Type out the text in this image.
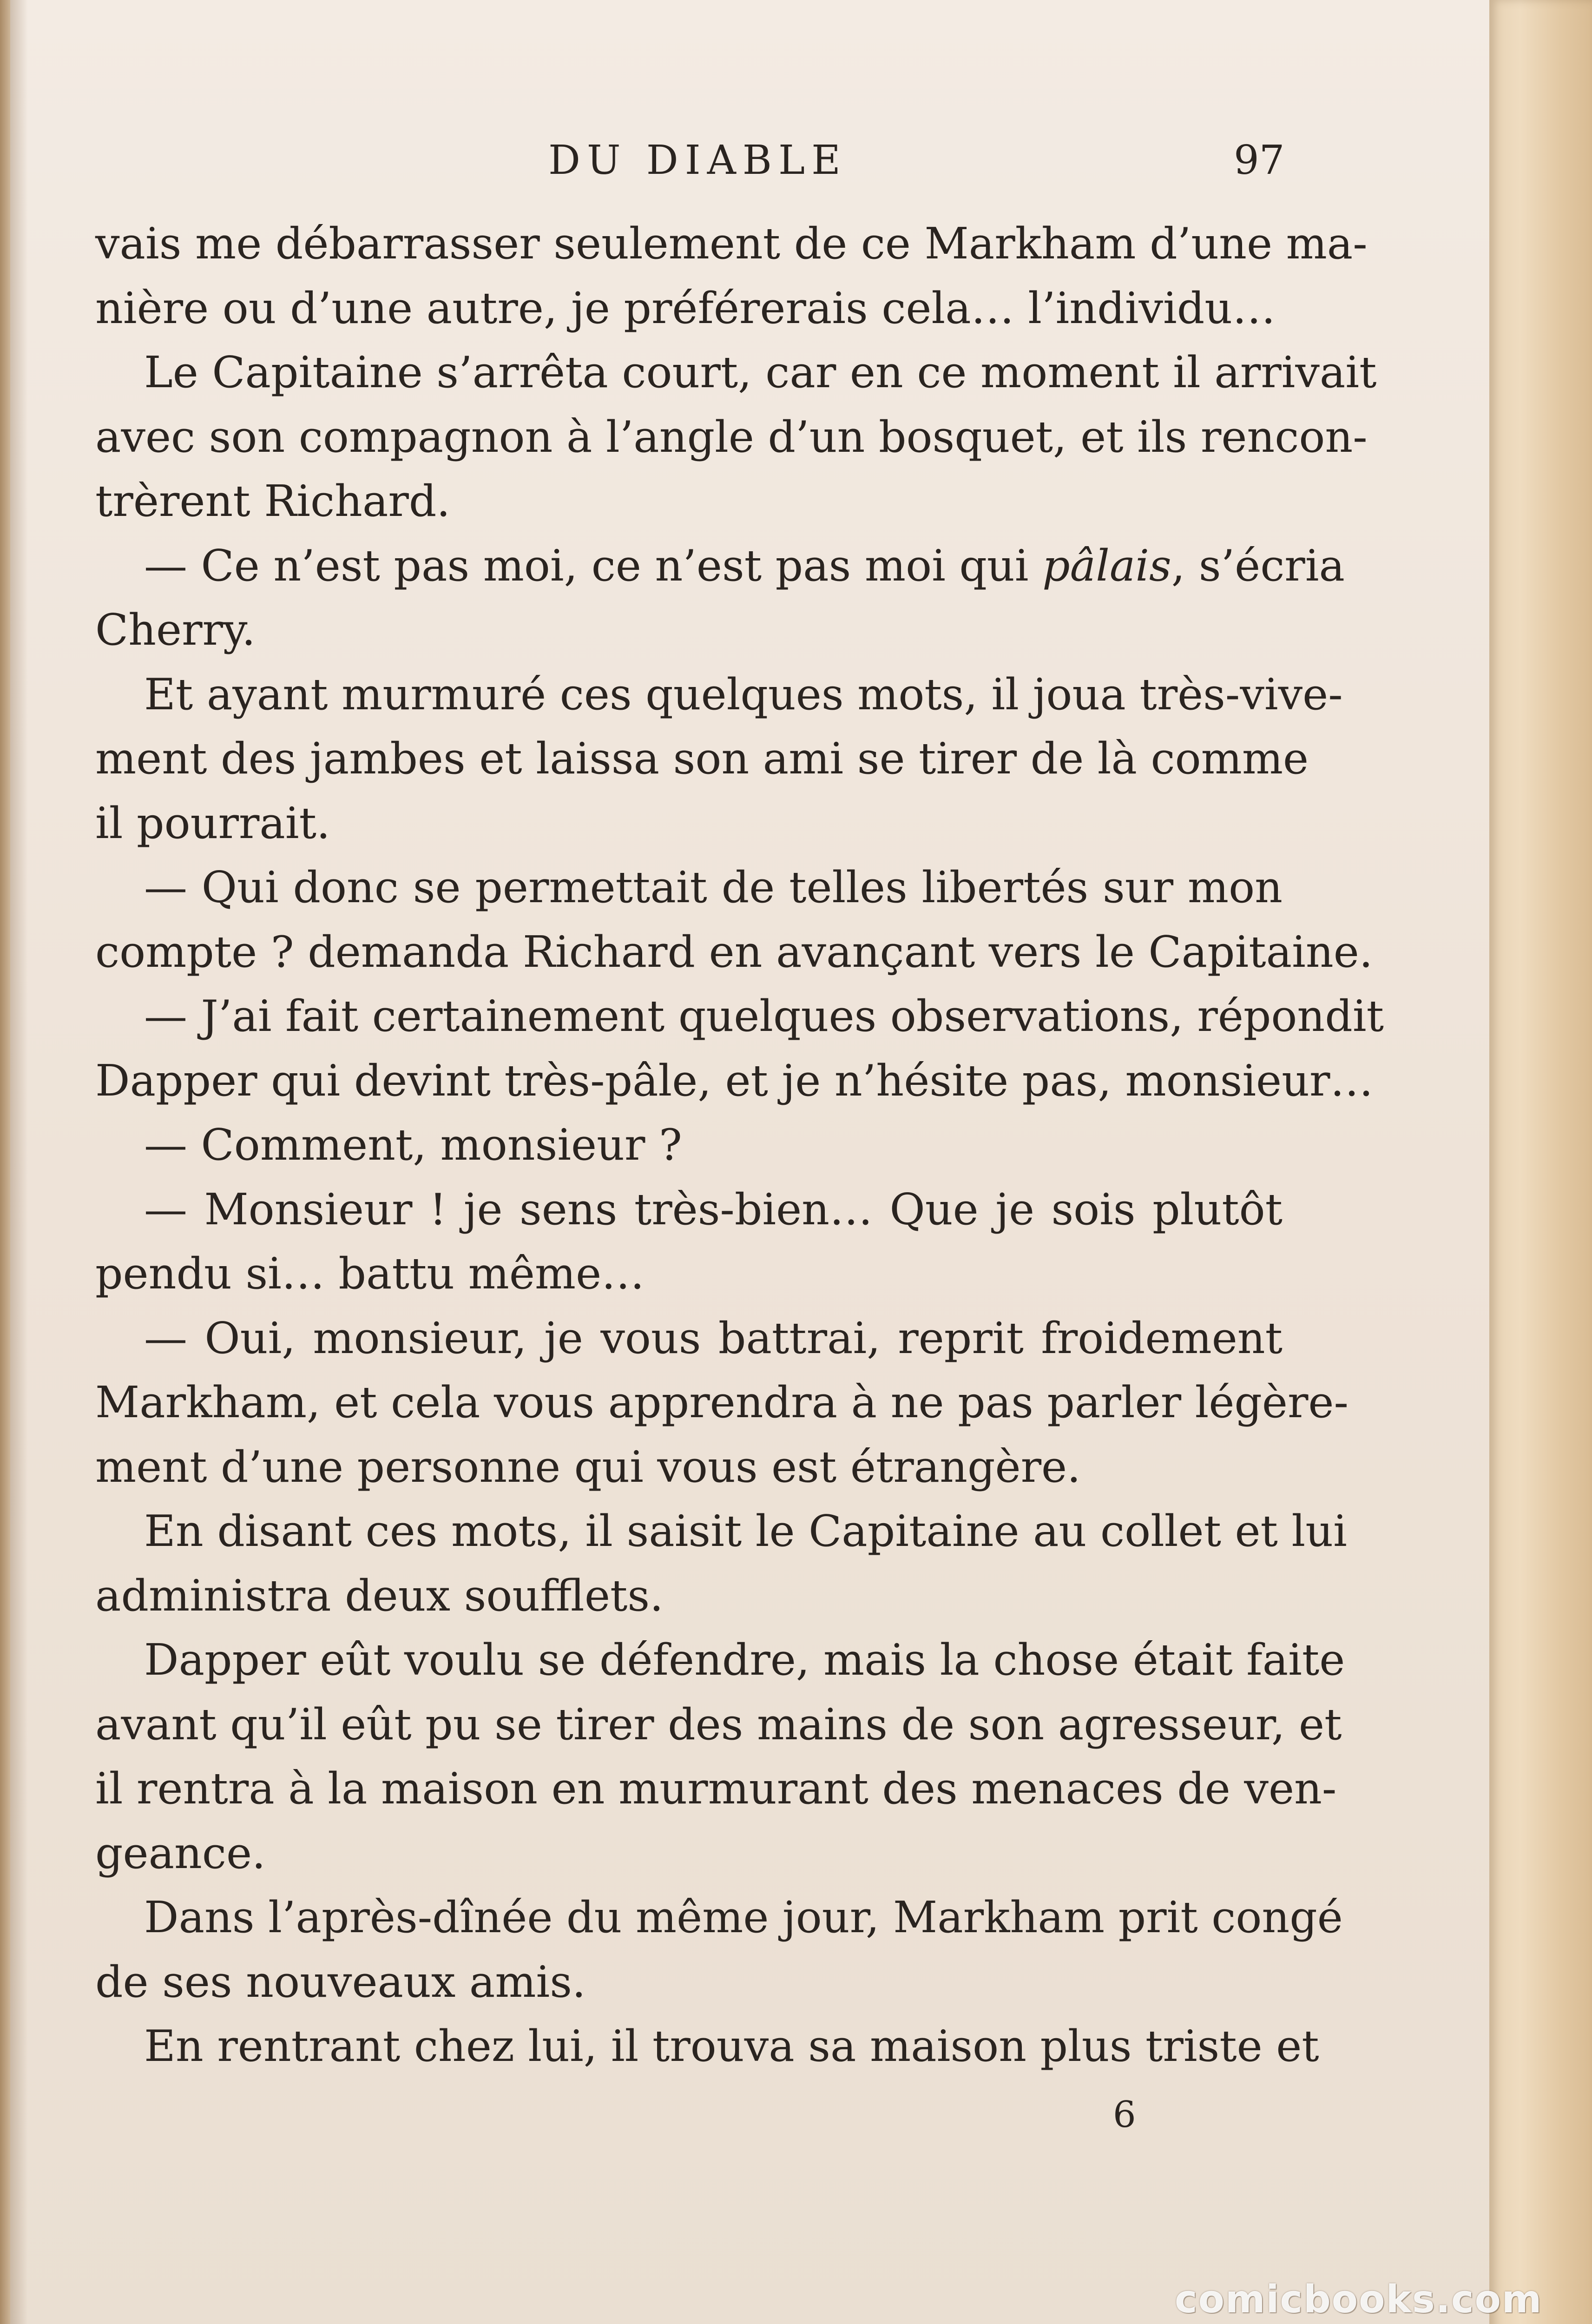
DU DIABLE	97
vais me débarrasser seulement de ce Markham d’une ma-
nière ou d’une autre, je préférerais cela… l’individu…
Le Capitaine s’arrêta court, car en ce moment il arrivait
avec son compagnon à l’angle d’un bosquet, et ils rencon-
trèrent Richard.
— Ce n’est pas moi, ce n’est pas moi qui pâlais, s’écria
Cherry.
Et ayant murmuré ces quelques mots, il joua très-vive-
ment des jambes et laissa son ami se tirer de là comme
il pourrait.
— Qui donc se permettait de telles libertés sur mon
compte ? demanda Richard en avançant vers le Capitaine.
— J’ai fait certainement quelques observations, répondit
Dapper qui devint très-pâle, et je n’hésite pas, monsieur…
— Comment, monsieur ?
— Monsieur ! je sens très-bien… Que je sois plutôt
pendu si… battu même…
— Oui, monsieur, je vous battrai, reprit froidement
Markham, et cela vous apprendra à ne pas parler légère-
ment d’une personne qui vous est étrangère.
En disant ces mots, il saisit le Capitaine au collet et lui
administra deux soufflets.
Dapper eût voulu se défendre, mais la chose était faite
avant qu’il eût pu se tirer des mains de son agresseur, et
il rentra à la maison en murmurant des menaces de ven-
geance.
Dans l’après-dînée du même jour, Markham prit congé
de ses nouveaux amis.
En rentrant chez lui, il trouva sa maison plus triste et
6
comicbooks.com
